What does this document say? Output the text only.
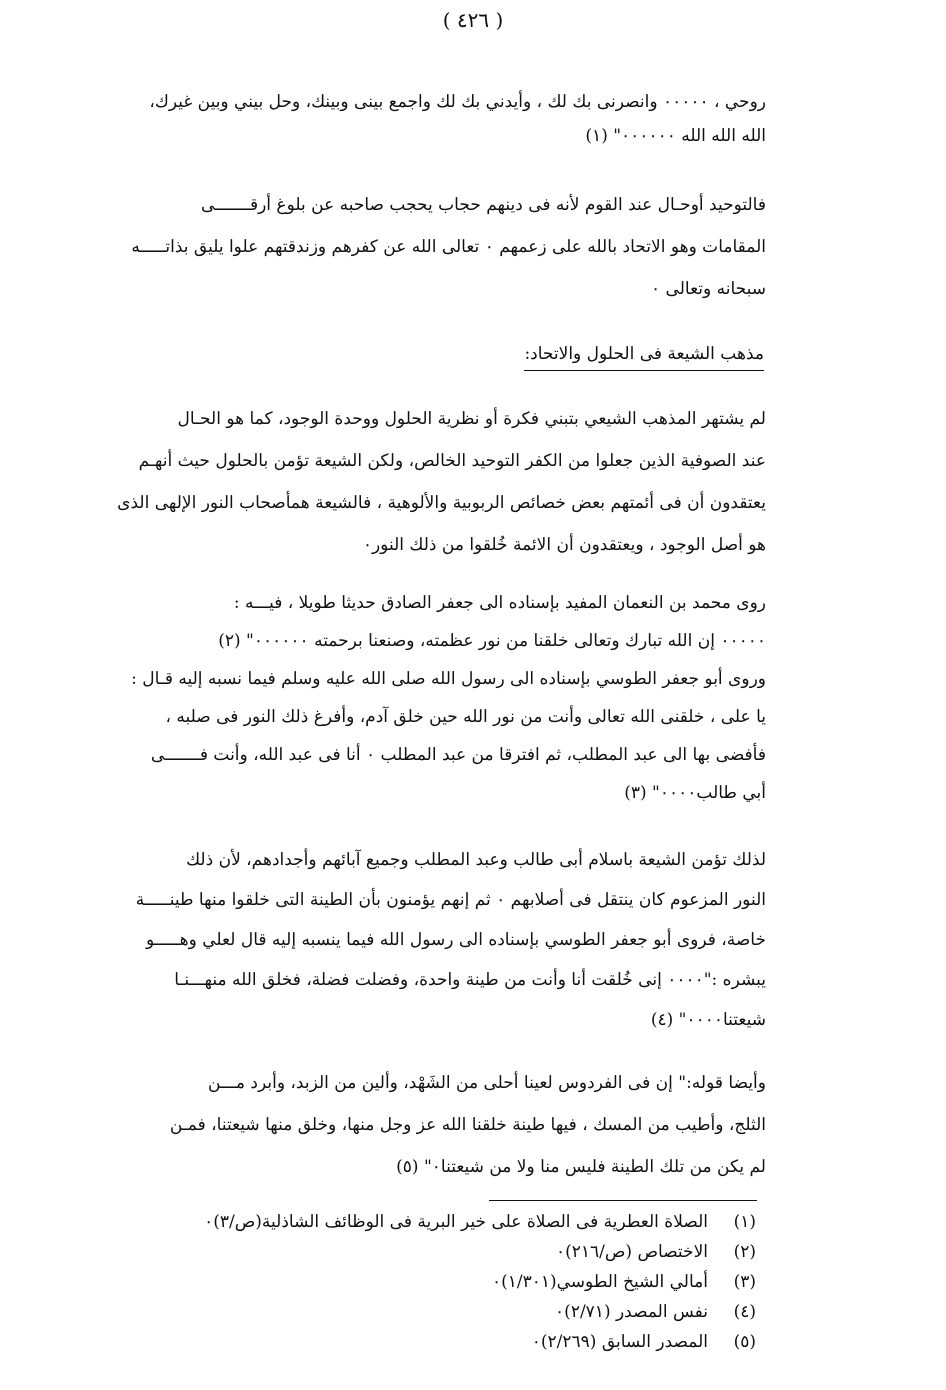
( ٤٢٦ )
روحي ، ٠٠٠٠٠ وانصرنى بك لك ، وأيدني بك لك واجمع بينى وبينك، وحل بيني وبين غيرك،
الله الله الله ٠٠٠٠٠٠" (١)
فالتوحيد أوحـال عند القوم لأنه فى دينهم حجاب يحجب صاحبه عن بلوغ أرقـــــــى
المقامات وهو الاتحاد بالله على زعمهم ٠ تعالى الله عن كفرهم وزندقتهم علوا يليق بذاتـــــه
سبحانه وتعالى ٠
مذهب الشيعة فى الحلول والاتحاد:
لم يشتهر المذهب الشيعي بتبني فكرة أو نظرية الحلول ووحدة الوجود، كما هو الحـال
عند الصوفية الذين جعلوا من الكفر التوحيد الخالص، ولكن الشيعة تؤمن بالحلول حيث أنهـم
يعتقدون أن فى أئمتهم بعض خصائص الربوبية والألوهية ، فالشيعة همأصحاب النور الإلهى الذى
هو أصل الوجود ، ويعتقدون أن الائمة خُلقوا من ذلك النور٠
روى محمد بن النعمان المفيد بإسناده الى جعفر الصادق حديثا طويلا ، فيـــه :
٠٠٠٠٠ إن الله تبارك وتعالى خلقنا من نور عظمته، وصنعنا برحمته ٠٠٠٠٠٠" (٢)
وروى أبو جعفر الطوسي بإسناده الى رسول الله صلى الله عليه وسلم فيما نسبه إليه قـال :
يا على ، خلقنى الله تعالى وأنت من نور الله حين خلق آدم، وأفرغ ذلك النور فى صلبه ،
فأفضى بها الى عبد المطلب، ثم افترقا من عبد المطلب ٠ أنا فى عبد الله، وأنت فـــــــى
أبي طالب٠٠٠٠" (٣)
لذلك تؤمن الشيعة باسلام أبى طالب وعبد المطلب وجميع آبائهم وأجدادهم، لأن ذلك
النور المزعوم كان ينتقل فى أصلابهم ٠ ثم إنهم يؤمنون بأن الطينة التى خلقوا منها طينـــــة
خاصة، فروى أبو جعفر الطوسي بإسناده الى رسول الله فيما ينسبه إليه قال لعلي وهـــــو
يبشره :"٠٠٠٠ إنى خُلقت أنا وأنت من طينة واحدة، وفضلت فضلة، فخلق الله منهـــنـا
شيعتنا٠٠٠٠" (٤)
وأيضا قوله:" إن فى الفردوس لعينا أحلى من الشَهْد، وألين من الزبد، وأبرد مـــن
الثلج، وأطيب من المسك ، فيها طينة خلقنا الله عز وجل منها، وخلق منها شيعتنا، فمـن
لم يكن من تلك الطينة فليس منا ولا من شيعتنا٠" (٥)
(١)
الصلاة العطرية فى الصلاة على خير البرية فى الوظائف الشاذلية(ص/٣)٠
(٢)
الاختصاص (ص/٢١٦)٠
(٣)
أمالي الشيخ الطوسي(١/٣٠١)٠
(٤)
نفس المصدر (٢/٧١)٠
(٥)
المصدر السابق (٢/٢٦٩)٠
